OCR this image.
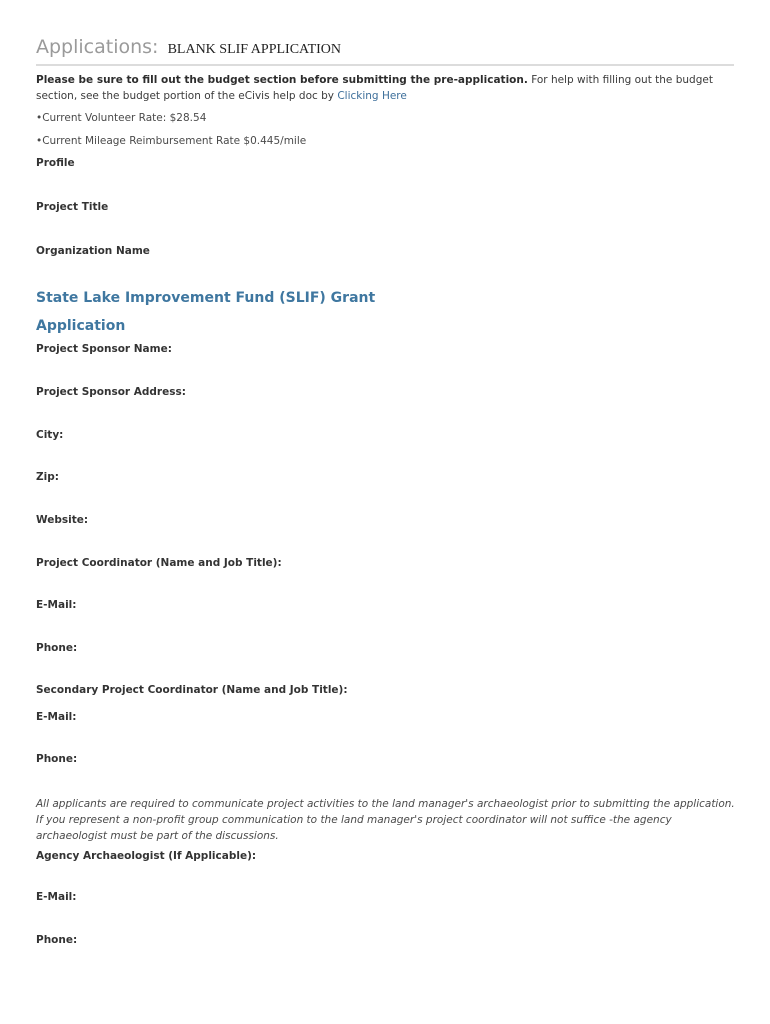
Applications: BLANK SLIF APPLICATION
Please be sure to fill out the budget section before submitting the pre-application. For help with filling out the budget section, see the budget portion of the eCivis help doc by Clicking Here
•Current Volunteer Rate: $28.54
•Current Mileage Reimbursement Rate $0.445/mile
Profile
Project Title
Organization Name
State Lake Improvement Fund (SLIF) Grant
Application
Project Sponsor Name:
Project Sponsor Address:
City:
Zip:
Website:
Project Coordinator (Name and Job Title):
E-Mail:
Phone:
Secondary Project Coordinator (Name and Job Title):
E-Mail:
Phone:
All applicants are required to communicate project activities to the land manager's archaeologist prior to submitting the application. If you represent a non-profit group communication to the land manager's project coordinator will not suffice -the agency archaeologist must be part of the discussions.
Agency Archaeologist (If Applicable):
E-Mail:
Phone:
